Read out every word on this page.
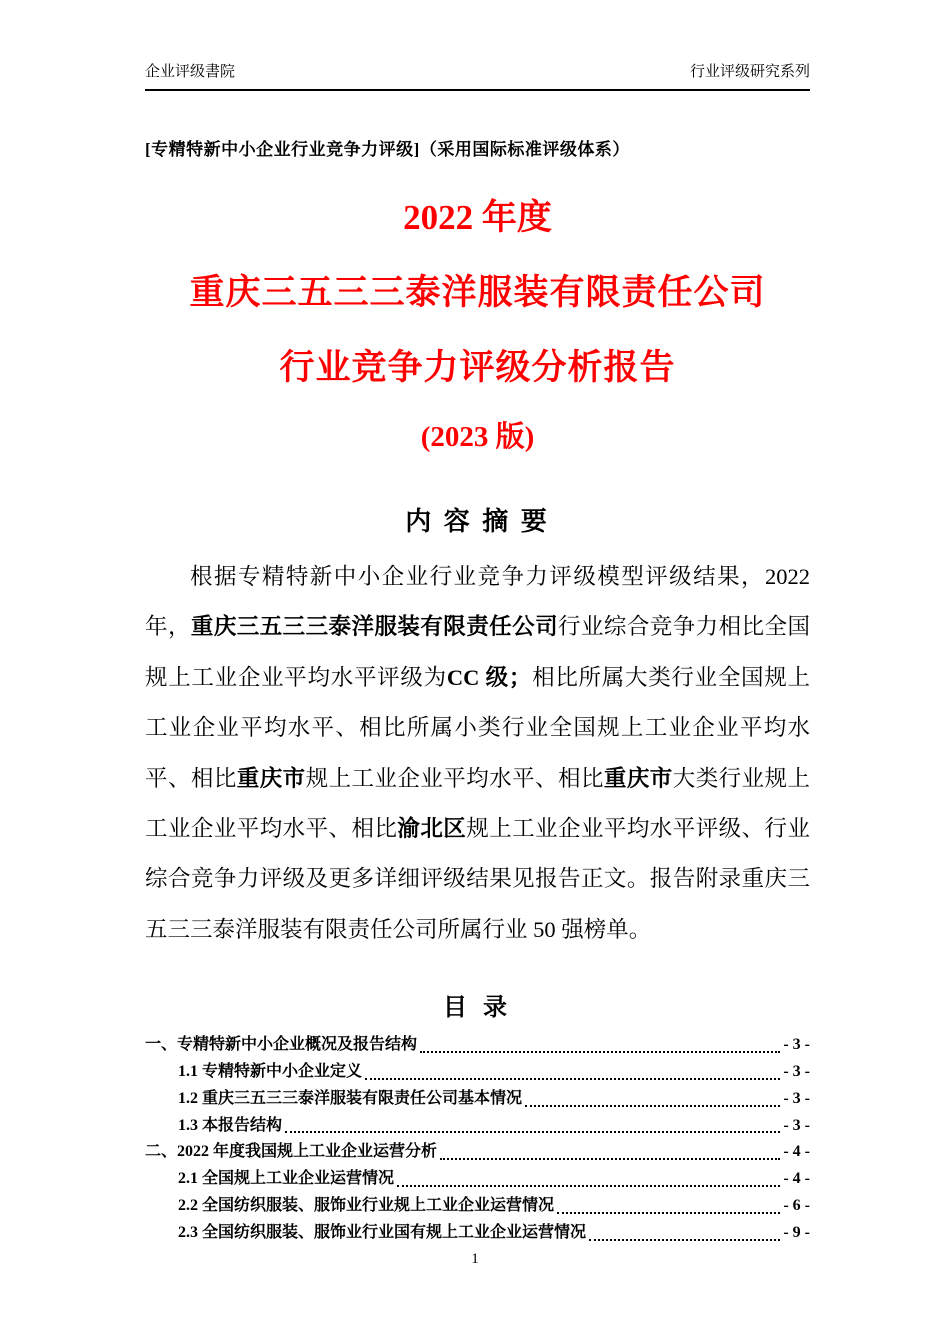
企业评级書院	行业评级研究系列
[专精特新中小企业行业竞争力评级]（采用国际标准评级体系）
2022 年度
重庆三五三三泰洋服装有限责任公司
行业竞争力评级分析报告
(2023 版)
内 容 摘 要

根据专精特新中小企业行业竞争力评级模型评级结果，2022 年，重庆三五三三泰洋服装有限责任公司行业综合竞争力相比全国规上工业企业平均水平评级为CC 级；相比所属大类行业全国规上工业企业平均水平、相比所属小类行业全国规上工业企业平均水平、相比重庆市规上工业企业平均水平、相比重庆市大类行业规上工业企业平均水平、相比渝北区规上工业企业平均水平评级、行业综合竞争力评级及更多详细评级结果见报告正文。报告附录重庆三五三三泰洋服装有限责任公司所属行业 50 强榜单。

目 录
一、专精特新中小企业概况及报告结构	- 3 -
1.1 专精特新中小企业定义	- 3 -
1.2 重庆三五三三泰洋服装有限责任公司基本情况	- 3 -
1.3 本报告结构	- 3 -
二、2022 年度我国规上工业企业运营分析	- 4 -
2.1 全国规上工业企业运营情况	- 4 -
2.2 全国纺织服装、服饰业行业规上工业企业运营情况	- 6 -
2.3 全国纺织服装、服饰业行业国有规上工业企业运营情况	- 9 -
1
